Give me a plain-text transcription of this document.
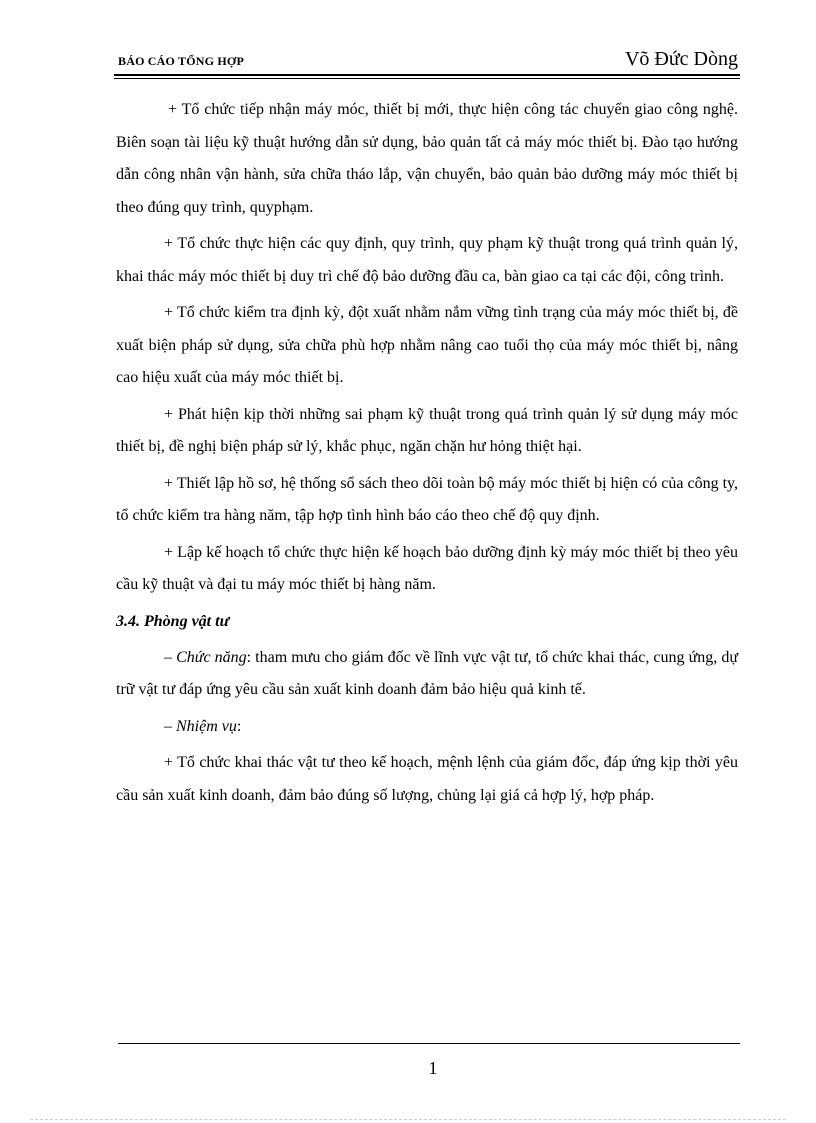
BÁO CÁO TỔNG HỢP	Võ Đức Dòng

+ Tổ chức tiếp nhận máy móc, thiết bị mới, thực hiện công tác chuyển giao công nghệ. Biên soạn tài liệu kỹ thuật hướng dẫn sử dụng, bảo quản tất cả máy móc thiết bị. Đào tạo hướng dẫn công nhân vận hành, sửa chữa tháo lắp, vận chuyển, bảo quản bảo dưỡng máy móc thiết bị theo đúng quy trình, quyphạm.

+ Tổ chức thực hiện các quy định, quy trình, quy phạm kỹ thuật trong quá trình quản lý, khai thác máy móc thiết bị duy trì chế độ bảo dưỡng đầu ca, bàn giao ca tại các đội, công trình.

+ Tổ chức kiểm tra định kỳ, đột xuất nhằm nắm vững tình trạng của máy móc thiết bị, đề xuất biện pháp sử dụng, sửa chữa phù hợp nhằm nâng cao tuổi thọ của máy móc thiết bị, nâng cao hiệu xuất của máy móc thiết bị.

+ Phát hiện kịp thời những sai phạm kỹ thuật trong quá trình quản lý sử dụng máy móc thiết bị, đề nghị biện pháp sử lý, khắc phục, ngăn chặn hư hỏng thiệt hại.

+ Thiết lập hồ sơ, hệ thống sổ sách theo dõi toàn bộ máy móc thiết bị hiện có của công ty, tổ chức kiểm tra hàng năm, tập hợp tình hình báo cáo theo chế độ quy định.

+ Lập kế hoạch tổ chức thực hiện kế hoạch bảo dưỡng định kỳ máy móc thiết bị theo yêu cầu kỹ thuật và đại tu máy móc thiết bị hàng năm.

3.4. Phòng vật tư

– Chức năng: tham mưu cho giám đốc về lĩnh vực vật tư, tổ chức khai thác, cung ứng, dự trữ vật tư đáp ứng yêu cầu sản xuất kinh doanh đảm bảo hiệu quả kinh tế.

– Nhiệm vụ:

+ Tổ chức khai thác vật tư theo kế hoạch, mệnh lệnh của giám đốc, đáp ứng kịp thời yêu cầu sản xuất kinh doanh, đảm bảo đúng số lượng, chủng lại giá cả hợp lý, hợp pháp.

1
